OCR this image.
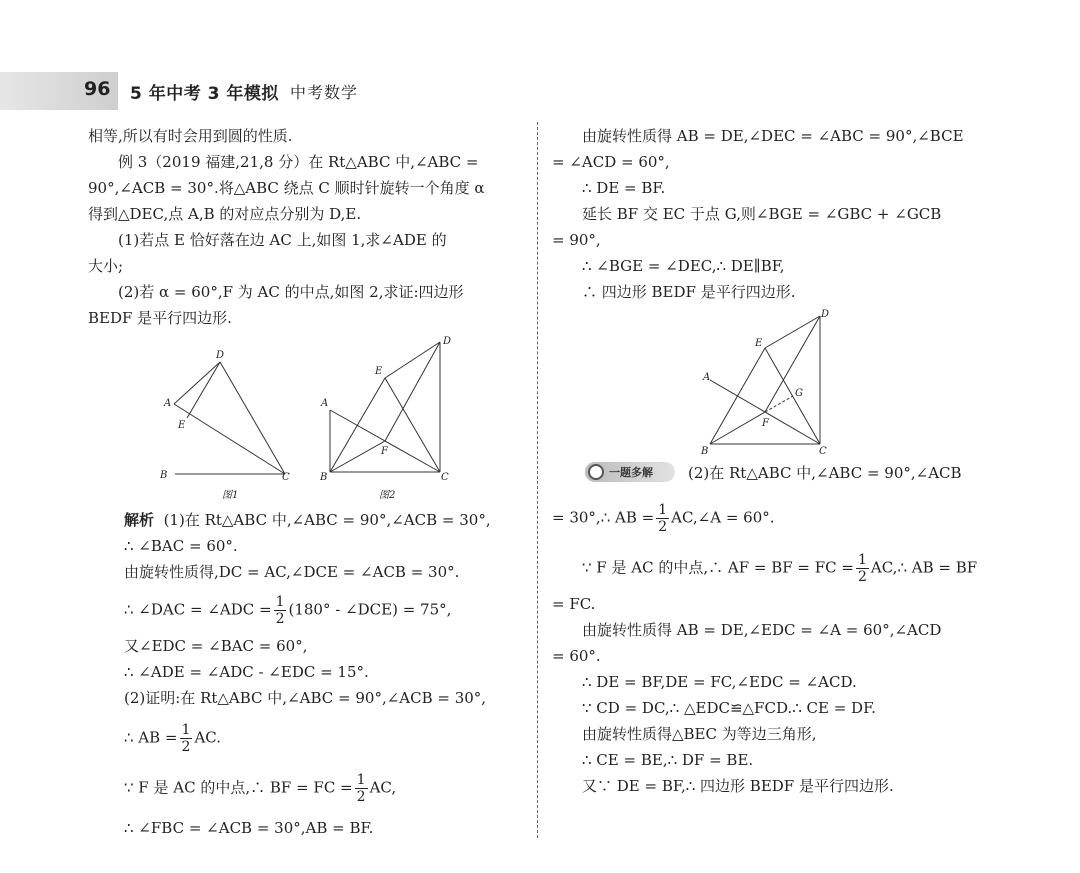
96 5 年中考 3 年模拟 中考数学
相等,所以有时会用到圆的性质.
例 3（2019 福建,21,8 分）在 Rt△ABC 中,∠ABC =
90°,∠ACB = 30°.将△ABC 绕点 C 顺时针旋转一个角度 α
得到△DEC,点 A,B 的对应点分别为 D,E.
(1)若点 E 恰好落在边 AC 上,如图 1,求∠ADE 的
大小;
(2)若 α = 60°,F 为 AC 的中点,如图 2,求证:四边形
BEDF 是平行四边形.
D
A
E
B	C
图1
D
E
A
F
B	C
图2
解析 (1)在 Rt△ABC 中,∠ABC = 90°,∠ACB = 30°,
∴ ∠BAC = 60°.
由旋转性质得,DC = AC,∠DCE = ∠ACB = 30°.
∴ ∠DAC = ∠ADC = $\frac{1}{2} (180^\circ$ - ∠DCE) = 75°,
又∠EDC = ∠BAC = 60°,
∴ ∠ADE = ∠ADC - ∠EDC = 15°.
(2)证明:在 Rt△ABC 中,∠ABC = 90°,∠ACB = 30°,
∴ AB = $\frac{1}{2}$ AC.
∵ F 是 AC 的中点,∴ BF = FC = $\frac{1}{2}$ AC,
∴ ∠FBC = ∠ACB = 30°,AB = BF.
由旋转性质得 AB = DE,∠DEC = ∠ABC = 90°,∠BCE
= ∠ACD = 60°,
∴ DE = BF.
延长 BF 交 EC 于点 G,则∠BGE = ∠GBC + ∠GCB
= 90°,
∴ ∠BGE = ∠DEC,∴ DE∥BF,
∴ 四边形 BEDF 是平行四边形.
D
E
A
G
F
B	C
一题多解 (2)在 Rt△ABC 中,∠ABC = 90°,∠ACB
= 30°,∴ AB = $\frac{1}{2}$ AC,∠A = 60°.
∵ F 是 AC 的中点,∴ AF = BF = FC = $\frac{1}{2}$ AC,∴ AB = BF
= FC.
由旋转性质得 AB = DE,∠EDC = ∠A = 60°,∠ACD
= 60°.
∴ DE = BF,DE = FC,∠EDC = ∠ACD.
∵ CD = DC,∴ △EDC≌△FCD.∴ CE = DF.
由旋转性质得△BEC 为等边三角形,
∴ CE = BE,∴ DF = BE.
又∵ DE = BF,∴ 四边形 BEDF 是平行四边形.
